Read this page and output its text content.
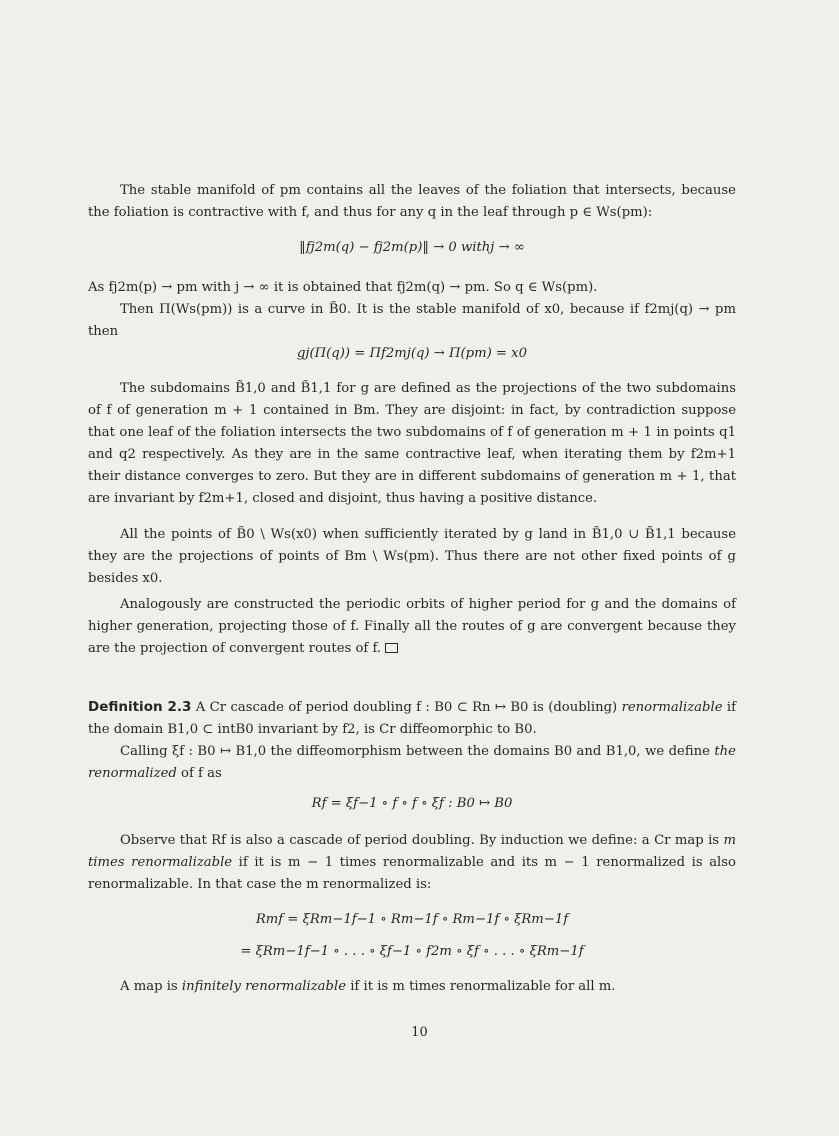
The stable manifold of pm contains all the leaves of the foliation that intersects, because the foliation is contractive with f, and thus for any q in the leaf through p ∈ Ws(pm):

‖fj2m(q) − fj2m(p)‖ → 0 withj → ∞

As fj2m(p) → pm with j → ∞ it is obtained that fj2m(q) → pm. So q ∈ Ws(pm).

Then Π(Ws(pm)) is a curve in B̃0. It is the stable manifold of x0, because if f2mj(q) → pm then

gj(Π(q)) = Πf2mj(q) → Π(pm) = x0

The subdomains B̃1,0 and B̃1,1 for g are defined as the projections of the two subdomains of f of generation m + 1 contained in Bm. They are disjoint: in fact, by contradiction suppose that one leaf of the foliation intersects the two subdomains of f of generation m + 1 in points q1 and q2 respectively. As they are in the same contractive leaf, when iterating them by f2m+1 their distance converges to zero. But they are in different subdomains of generation m + 1, that are invariant by f2m+1, closed and disjoint, thus having a positive distance.

All the points of B̃0 \ Ws(x0) when sufficiently iterated by g land in B̃1,0 ∪ B̃1,1 because they are the projections of points of Bm \ Ws(pm). Thus there are not other fixed points of g besides x0.

Analogously are constructed the periodic orbits of higher period for g and the domains of higher generation, projecting those of f. Finally all the routes of g are convergent because they are the projection of convergent routes of f.

Definition 2.3 A Cr cascade of period doubling f : B0 ⊂ Rn ↦ B0 is (doubling) renormalizable if the domain B1,0 ⊂ intB0 invariant by f2, is Cr diffeomorphic to B0.

Calling ξf : B0 ↦ B1,0 the diffeomorphism between the domains B0 and B1,0, we define the renormalized of f as

Rf = ξf−1 ∘ f ∘ f ∘ ξf : B0 ↦ B0

Observe that Rf is also a cascade of period doubling. By induction we define: a Cr map is m times renormalizable if it is m − 1 times renormalizable and its m − 1 renormalized is also renormalizable. In that case the m renormalized is:

Rmf = ξRm−1f−1 ∘ Rm−1f ∘ Rm−1f ∘ ξRm−1f
= ξRm−1f−1 ∘ . . . ∘ ξf−1 ∘ f2m ∘ ξf ∘ . . . ∘ ξRm−1f

A map is infinitely renormalizable if it is m times renormalizable for all m.

10
